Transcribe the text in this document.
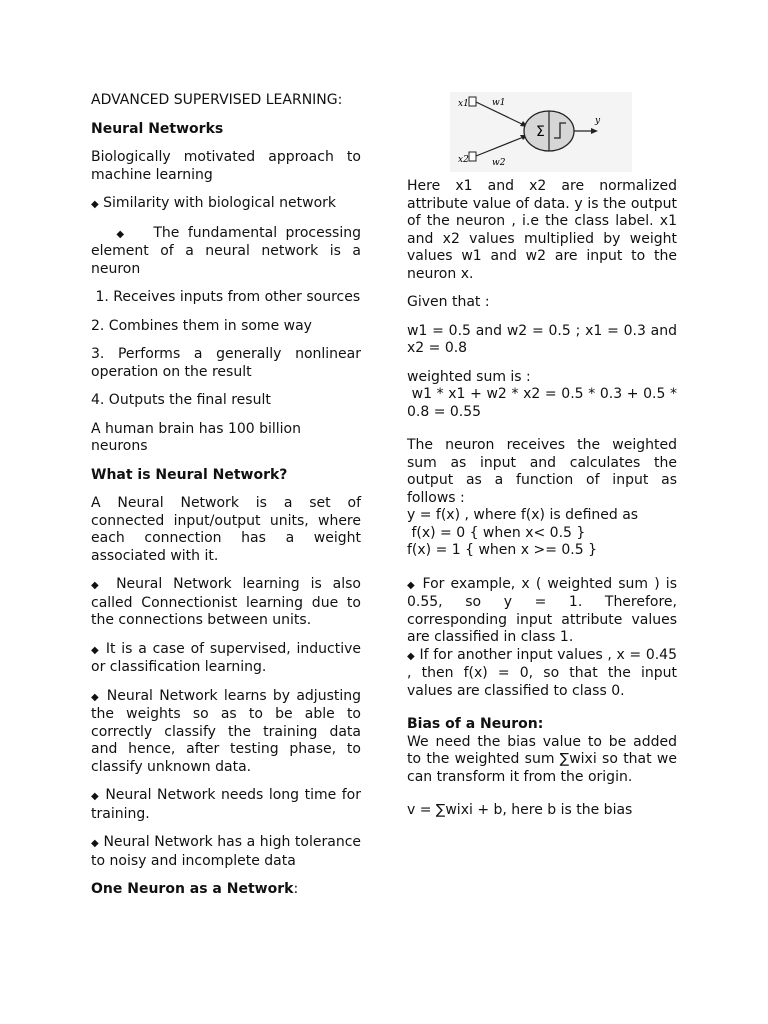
ADVANCED SUPERVISED LEARNING:

Neural Networks

Biologically motivated approach to machine learning

◆ Similarity with biological network

◆ The fundamental processing element of a neural network is a neuron

1. Receives inputs from other sources

2. Combines them in some way

3. Performs a generally nonlinear operation on the result

4. Outputs the final result

A human brain has 100 billion neurons

What is Neural Network?

A Neural Network is a set of connected input/output units, where each connection has a weight associated with it.

◆ Neural Network learning is also called Connectionist learning due to the connections between units.

◆ It is a case of supervised, inductive or classification learning.

◆ Neural Network learns by adjusting the weights so as to be able to correctly classify the training data and hence, after testing phase, to classify unknown data.

◆ Neural Network needs long time for training.

◆ Neural Network has a high tolerance to noisy and incomplete data

One Neuron as a Network:

x1	w1
x2	w2
Σ
y

Here x1 and x2 are normalized attribute value of data. y is the output of the neuron , i.e the class label. x1 and x2 values multiplied by weight values w1 and w2 are input to the neuron x.

Given that :

w1 = 0.5 and w2 = 0.5 ; x1 = 0.3 and x2 = 0.8

weighted sum is :

w1 * x1 + w2 * x2 = 0.5 * 0.3 + 0.5 * 0.8 = 0.55

The neuron receives the weighted sum as input and calculates the output as a function of input as follows :

y = f(x) , where f(x) is defined as

f(x) = 0 { when x< 0.5 }

f(x) = 1 { when x >= 0.5 }

◆ For example, x ( weighted sum ) is 0.55, so y = 1. Therefore, corresponding input attribute values are classified in class 1.

◆ If for another input values , x = 0.45 , then f(x) = 0, so that the input values are classified to class 0.

Bias of a Neuron:

We need the bias value to be added to the weighted sum ∑wixi so that we can transform it from the origin.

v = ∑wixi + b, here b is the bias
